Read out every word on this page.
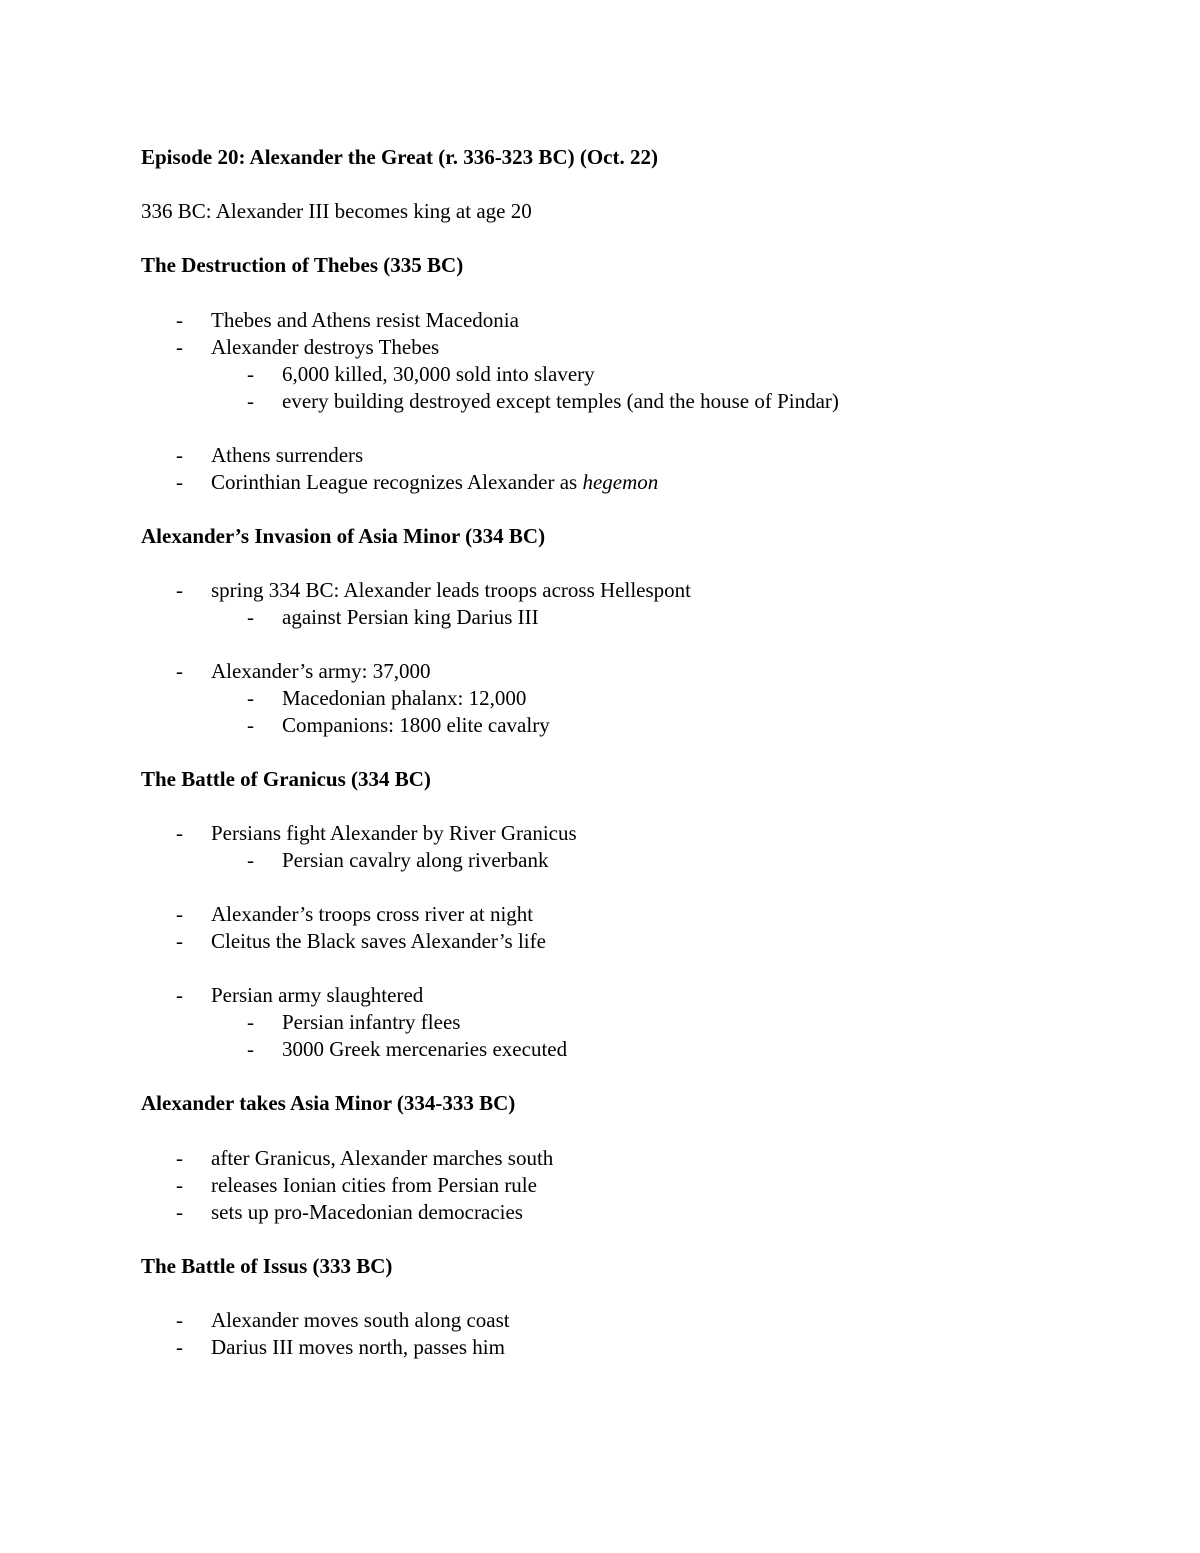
Episode 20: Alexander the Great (r. 336-323 BC) (Oct. 22)
336 BC: Alexander III becomes king at age 20
The Destruction of Thebes (335 BC)
- Thebes and Athens resist Macedonia
- Alexander destroys Thebes
- 6,000 killed, 30,000 sold into slavery
- every building destroyed except temples (and the house of Pindar)
- Athens surrenders
- Corinthian League recognizes Alexander as hegemon
Alexander’s Invasion of Asia Minor (334 BC)
- spring 334 BC: Alexander leads troops across Hellespont
- against Persian king Darius III
- Alexander’s army: 37,000
- Macedonian phalanx: 12,000
- Companions: 1800 elite cavalry
The Battle of Granicus (334 BC)
- Persians fight Alexander by River Granicus
- Persian cavalry along riverbank
- Alexander’s troops cross river at night
- Cleitus the Black saves Alexander’s life
- Persian army slaughtered
- Persian infantry flees
- 3000 Greek mercenaries executed
Alexander takes Asia Minor (334-333 BC)
- after Granicus, Alexander marches south
- releases Ionian cities from Persian rule
- sets up pro-Macedonian democracies
The Battle of Issus (333 BC)
- Alexander moves south along coast
- Darius III moves north, passes him
